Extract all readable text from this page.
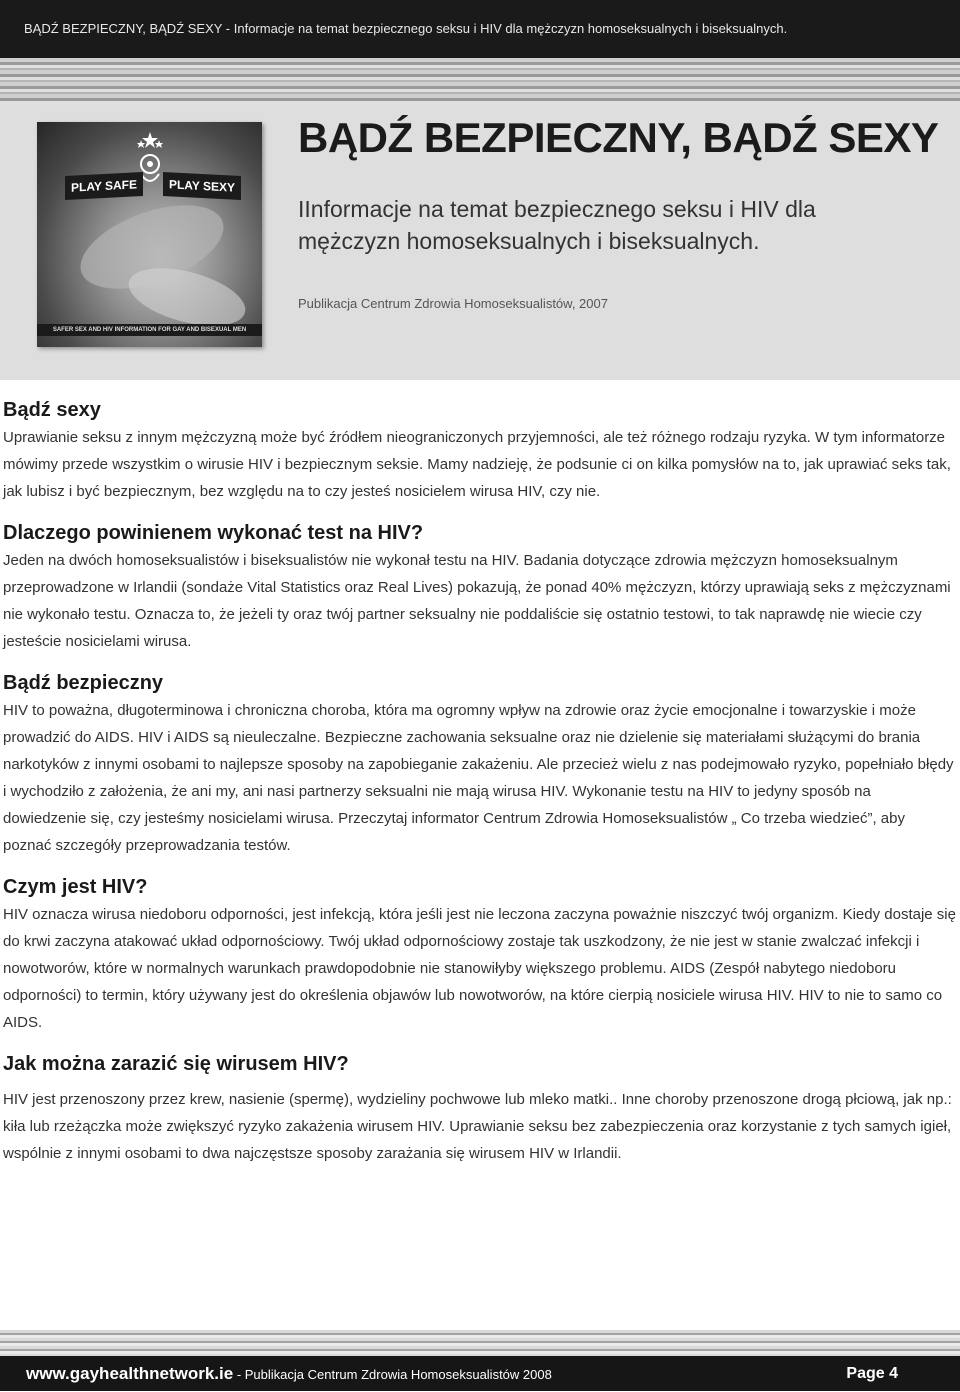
BĄDŹ BEZPIECZNY, BĄDŹ SEXY - Informacje na temat bezpiecznego seksu i HIV dla mężczyzn homoseksualnych i biseksualnych.
PLAY SAFE	PLAY SEXY
SAFER SEX AND HIV INFORMATION FOR GAY AND BISEXUAL MEN
BĄDŹ BEZPIECZNY, BĄDŹ SEXY

IInformacje na temat bezpiecznego seksu i HIV dla mężczyzn homoseksualnych i biseksualnych.

Publikacja Centrum Zdrowia Homoseksualistów, 2007

Bądź sexy

Uprawianie seksu z innym mężczyzną może być źródłem nieograniczonych przyjemności, ale też różnego rodzaju ryzyka. W tym informatorze mówimy przede wszystkim o wirusie HIV i bezpiecznym seksie. Mamy nadzieję, że podsunie ci on kilka pomysłów na to, jak uprawiać seks tak, jak lubisz i być bezpiecznym, bez względu na to czy jesteś nosicielem wirusa HIV, czy nie.

Dlaczego powinienem wykonać test na HIV?

Jeden na dwóch homoseksualistów i biseksualistów nie wykonał testu na HIV. Badania dotyczące zdrowia mężczyzn homoseksualnym przeprowadzone w Irlandii (sondaże Vital Statistics oraz Real Lives) pokazują, że ponad 40% mężczyzn, którzy uprawiają seks z mężczyznami nie wykonało testu. Oznacza to, że jeżeli ty oraz twój partner seksualny nie poddaliście się ostatnio testowi, to tak naprawdę nie wiecie czy jesteście nosicielami wirusa.

Bądź bezpieczny

HIV to poważna, długoterminowa i chroniczna choroba, która ma ogromny wpływ na zdrowie oraz życie emocjonalne i towarzyskie i może prowadzić do AIDS. HIV i AIDS są nieuleczalne. Bezpieczne zachowania seksualne oraz nie dzielenie się materiałami służącymi do brania narkotyków z innymi osobami to najlepsze sposoby na zapobieganie zakażeniu. Ale przecież wielu z nas podejmowało ryzyko, popełniało błędy i wychodziło z założenia, że ani my, ani nasi partnerzy seksualni nie mają wirusa HIV. Wykonanie testu na HIV to jedyny sposób na dowiedzenie się, czy jesteśmy nosicielami wirusa. Przeczytaj informator Centrum Zdrowia Homoseksualistów „ Co trzeba wiedzieć”, aby poznać szczegóły przeprowadzania testów.

Czym jest HIV?

HIV oznacza wirusa niedoboru odporności, jest infekcją, która jeśli jest nie leczona zaczyna poważnie niszczyć twój organizm. Kiedy dostaje się do krwi zaczyna atakować układ odpornościowy. Twój układ odpornościowy zostaje tak uszkodzony, że nie jest w stanie zwalczać infekcji i nowotworów, które w normalnych warunkach prawdopodobnie nie stanowiłyby większego problemu. AIDS (Zespół nabytego niedoboru odporności) to termin, który używany jest do określenia objawów lub nowotworów, na które cierpią nosiciele wirusa HIV. HIV to nie to samo co AIDS.

Jak można zarazić się wirusem HIV?

HIV jest przenoszony przez krew, nasienie (spermę), wydzieliny pochwowe lub mleko matki.. Inne choroby przenoszone drogą płciową, jak np.: kiła lub rzeżączka może zwiększyć ryzyko zakażenia wirusem HIV. Uprawianie seksu bez zabezpieczenia oraz korzystanie z tych samych igieł, wspólnie z innymi osobami to dwa najczęstsze sposoby zarażania się wirusem HIV w Irlandii.

www.gayhealthnetwork.ie - Publikacja Centrum Zdrowia Homoseksualistów 2008	Page 4
